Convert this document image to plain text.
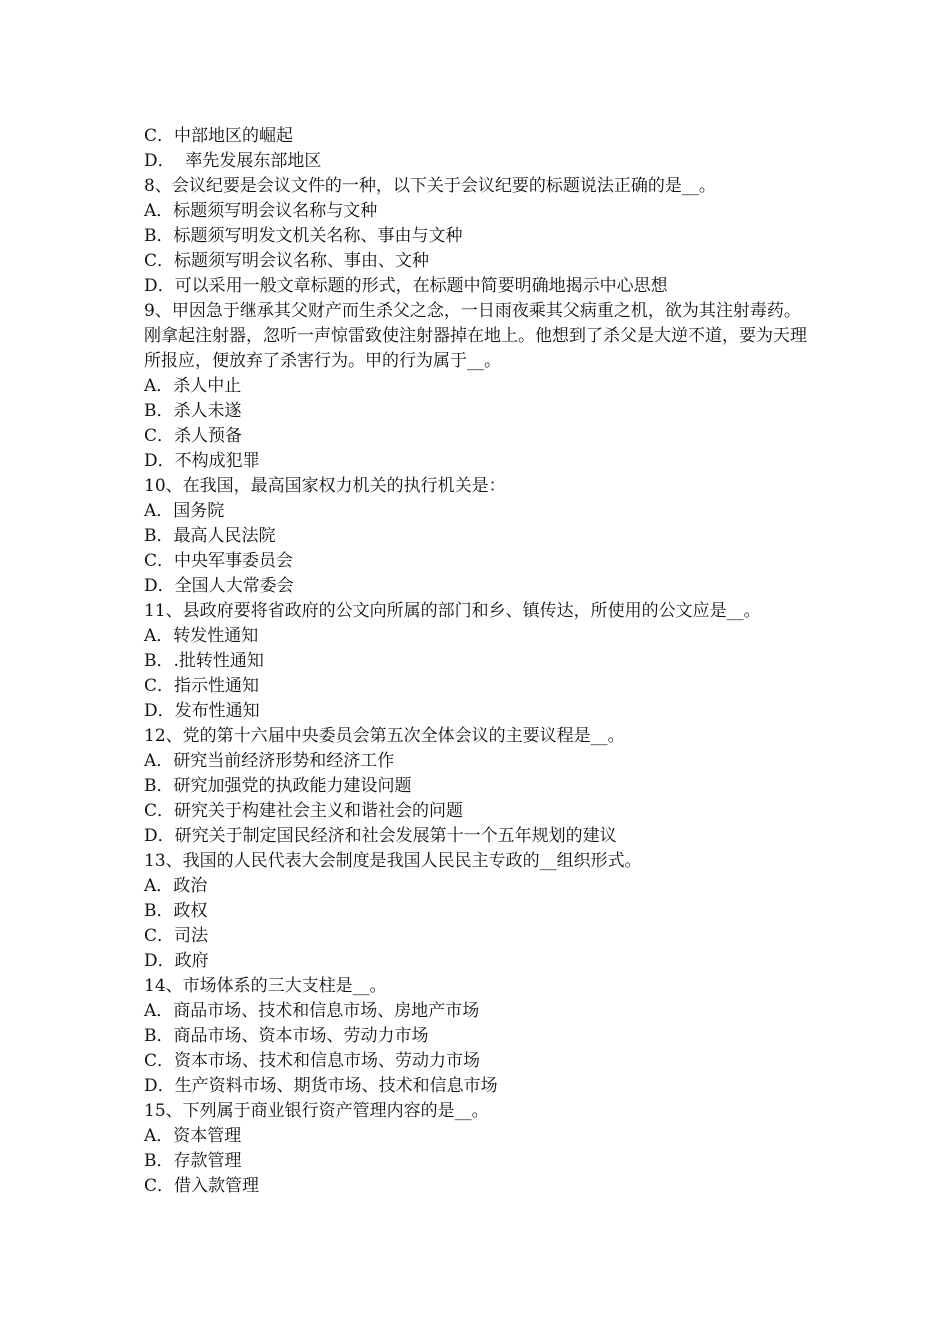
C．中部地区的崛起

D．  率先发展东部地区

8、会议纪要是会议文件的一种，以下关于会议纪要的标题说法正确的是__。

A．标题须写明会议名称与文种

B．标题须写明发文机关名称、事由与文种

C．标题须写明会议名称、事由、文种

D．可以采用一般文章标题的形式，在标题中简要明确地揭示中心思想

9、甲因急于继承其父财产而生杀父之念，一日雨夜乘其父病重之机，欲为其注射毒药。刚拿起注射器，忽听一声惊雷致使注射器掉在地上。他想到了杀父是大逆不道，要为天理所报应，便放弃了杀害行为。甲的行为属于__。

A．杀人中止

B．杀人未遂

C．杀人预备

D．不构成犯罪

10、在我国，最高国家权力机关的执行机关是：

A．国务院

B．最高人民法院

C．中央军事委员会

D．全国人大常委会

11、县政府要将省政府的公文向所属的部门和乡、镇传达，所使用的公文应是__。

A．转发性通知

B．.批转性通知

C．指示性通知

D．发布性通知

12、党的第十六届中央委员会第五次全体会议的主要议程是__。

A．研究当前经济形势和经济工作

B．研究加强党的执政能力建设问题

C．研究关于构建社会主义和谐社会的问题

D．研究关于制定国民经济和社会发展第十一个五年规划的建议

13、我国的人民代表大会制度是我国人民民主专政的__组织形式。

A．政治

B．政权

C．司法

D．政府

14、市场体系的三大支柱是__。

A．商品市场、技术和信息市场、房地产市场

B．商品市场、资本市场、劳动力市场

C．资本市场、技术和信息市场、劳动力市场

D．生产资料市场、期货市场、技术和信息市场

15、下列属于商业银行资产管理内容的是__。

A．资本管理

B．存款管理

C．借入款管理
